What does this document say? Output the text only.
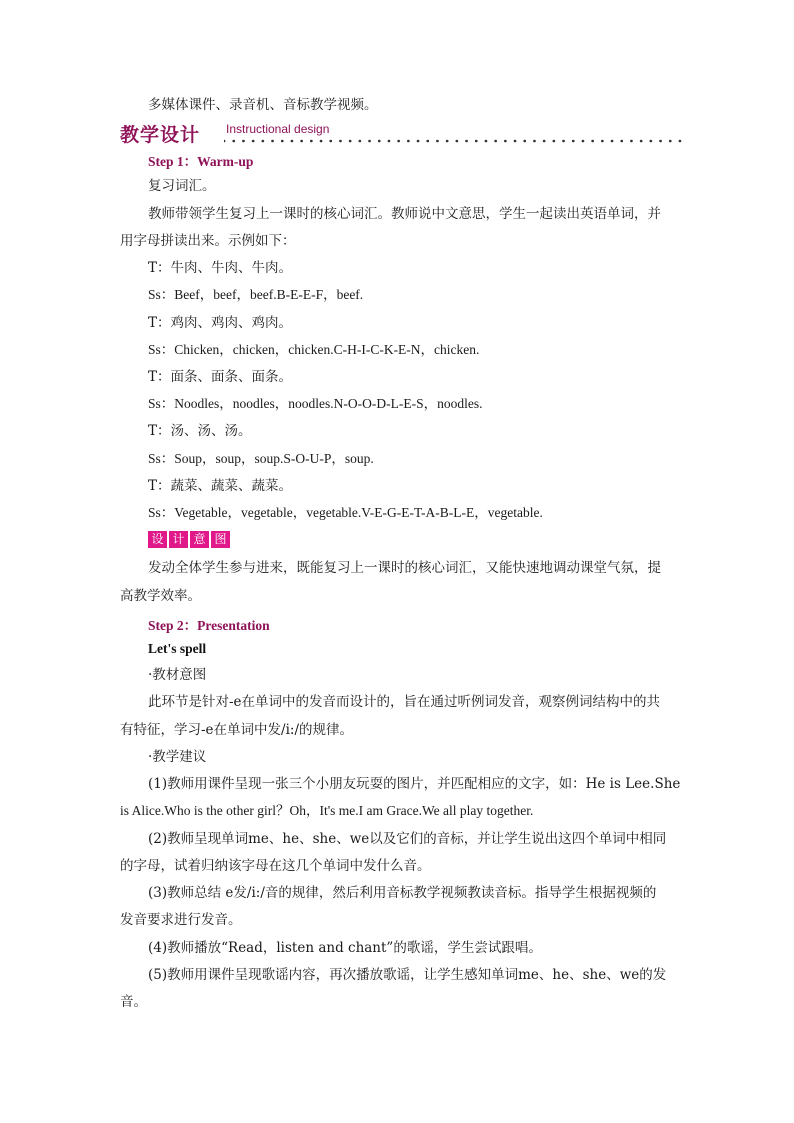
多媒体课件、录音机、音标教学视频。
教学设计 Instructional design
Step 1：Warm-up
复习词汇。
教师带领学生复习上一课时的核心词汇。教师说中文意思，学生一起读出英语单词，并
用字母拼读出来。示例如下：
T：牛肉、牛肉、牛肉。
Ss：Beef，beef，beef.B-E-E-F，beef.
T：鸡肉、鸡肉、鸡肉。
Ss：Chicken，chicken，chicken.C-H-I-C-K-E-N，chicken.
T：面条、面条、面条。
Ss：Noodles，noodles，noodles.N-O-O-D-L-E-S，noodles.
T：汤、汤、汤。
Ss：Soup，soup，soup.S-O-U-P，soup.
T：蔬菜、蔬菜、蔬菜。
Ss：Vegetable，vegetable，vegetable.V-E-G-E-T-A-B-L-E，vegetable.
设 计 意 图
发动全体学生参与进来，既能复习上一课时的核心词汇，又能快速地调动课堂气氛，提
高教学效率。
Step 2：Presentation
Let's spell
·教材意图
此环节是针对-e在单词中的发音而设计的，旨在通过听例词发音，观察例词结构中的共
有特征，学习-e在单词中发/i:/的规律。
·教学建议
(1)教师用课件呈现一张三个小朋友玩耍的图片，并匹配相应的文字，如：He is Lee.She
is Alice.Who is the other girl？Oh，It's me.I am Grace.We all play together.
(2)教师呈现单词me、he、she、we以及它们的音标，并让学生说出这四个单词中相同
的字母，试着归纳该字母在这几个单词中发什么音。
(3)教师总结 e发/i:/音的规律，然后利用音标教学视频教读音标。指导学生根据视频的
发音要求进行发音。
(4)教师播放“Read，listen and chant”的歌谣，学生尝试跟唱。
(5)教师用课件呈现歌谣内容，再次播放歌谣，让学生感知单词me、he、she、we的发
音。
